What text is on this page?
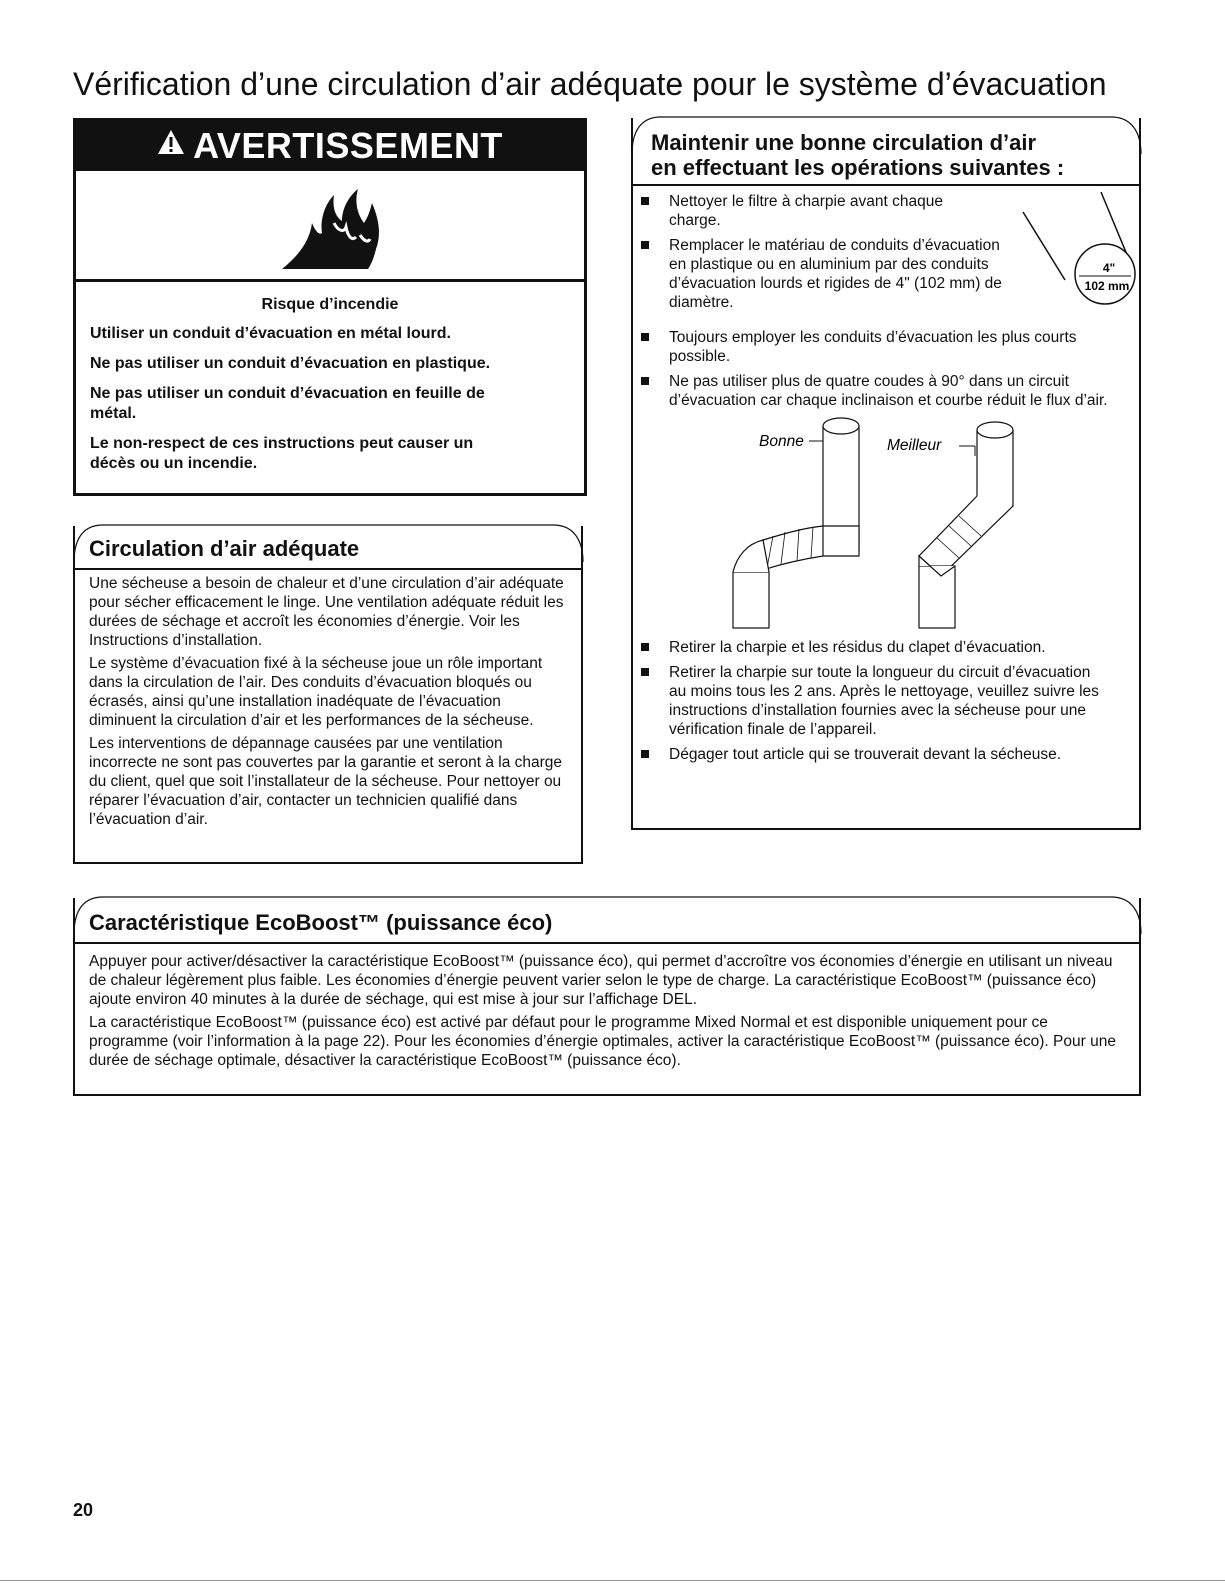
Vérification d’une circulation d’air adéquate pour le système d’évacuation
AVERTISSEMENT

Risque d’incendie

Utiliser un conduit d’évacuation en métal lourd.

Ne pas utiliser un conduit d’évacuation en plastique.

Ne pas utiliser un conduit d’évacuation en feuille de métal.

Le non-respect de ces instructions peut causer un décès ou un incendie.

Circulation d’air adéquate

Une sécheuse a besoin de chaleur et d’une circulation d’air adéquate pour sécher efficacement le linge. Une ventilation adéquate réduit les durées de séchage et accroît les économies d’énergie. Voir les Instructions d’installation.

Le système d’évacuation fixé à la sécheuse joue un rôle important dans la circulation de l’air. Des conduits d’évacuation bloqués ou écrasés, ainsi qu’une installation inadéquate de l’évacuation diminuent la circulation d’air et les performances de la sécheuse.

Les interventions de dépannage causées par une ventilation incorrecte ne sont pas couvertes par la garantie et seront à la charge du client, quel que soit l’installateur de la sécheuse. Pour nettoyer ou réparer l’évacuation d’air, contacter un technicien qualifié dans l’évacuation d’air.

Maintenir une bonne circulation d’air
en effectuant les opérations suivantes :
Nettoyer le filtre à charpie avant chaque charge.
Remplacer le matériau de conduits d’évacuation en plastique ou en aluminium par des conduits d’évacuation lourds et rigides de 4" (102 mm) de diamètre.
Toujours employer les conduits d’évacuation les plus courts possible.
Ne pas utiliser plus de quatre coudes à 90° dans un circuit d’évacuation car chaque inclinaison et courbe réduit le flux d’air.
4"
102 mm
Bonne	Meilleur
Retirer la charpie et les résidus du clapet d’évacuation.
Retirer la charpie sur toute la longueur du circuit d’évacuation au moins tous les 2 ans. Après le nettoyage, veuillez suivre les instructions d’installation fournies avec la sécheuse pour une vérification finale de l’appareil.
Dégager tout article qui se trouverait devant la sécheuse.
Caractéristique EcoBoost™ (puissance éco)

Appuyer pour activer/désactiver la caractéristique EcoBoost™ (puissance éco), qui permet d’accroître vos économies d’énergie en utilisant un niveau de chaleur légèrement plus faible. Les économies d’énergie peuvent varier selon le type de charge. La caractéristique EcoBoost™ (puissance éco) ajoute environ 40 minutes à la durée de séchage, qui est mise à jour sur l’affichage DEL.

La caractéristique EcoBoost™ (puissance éco) est activé par défaut pour le programme Mixed Normal et est disponible uniquement pour ce programme (voir l’information à la page 22). Pour les économies d’énergie optimales, activer la caractéristique EcoBoost™ (puissance éco). Pour une durée de séchage optimale, désactiver la caractéristique EcoBoost™ (puissance éco).

20
